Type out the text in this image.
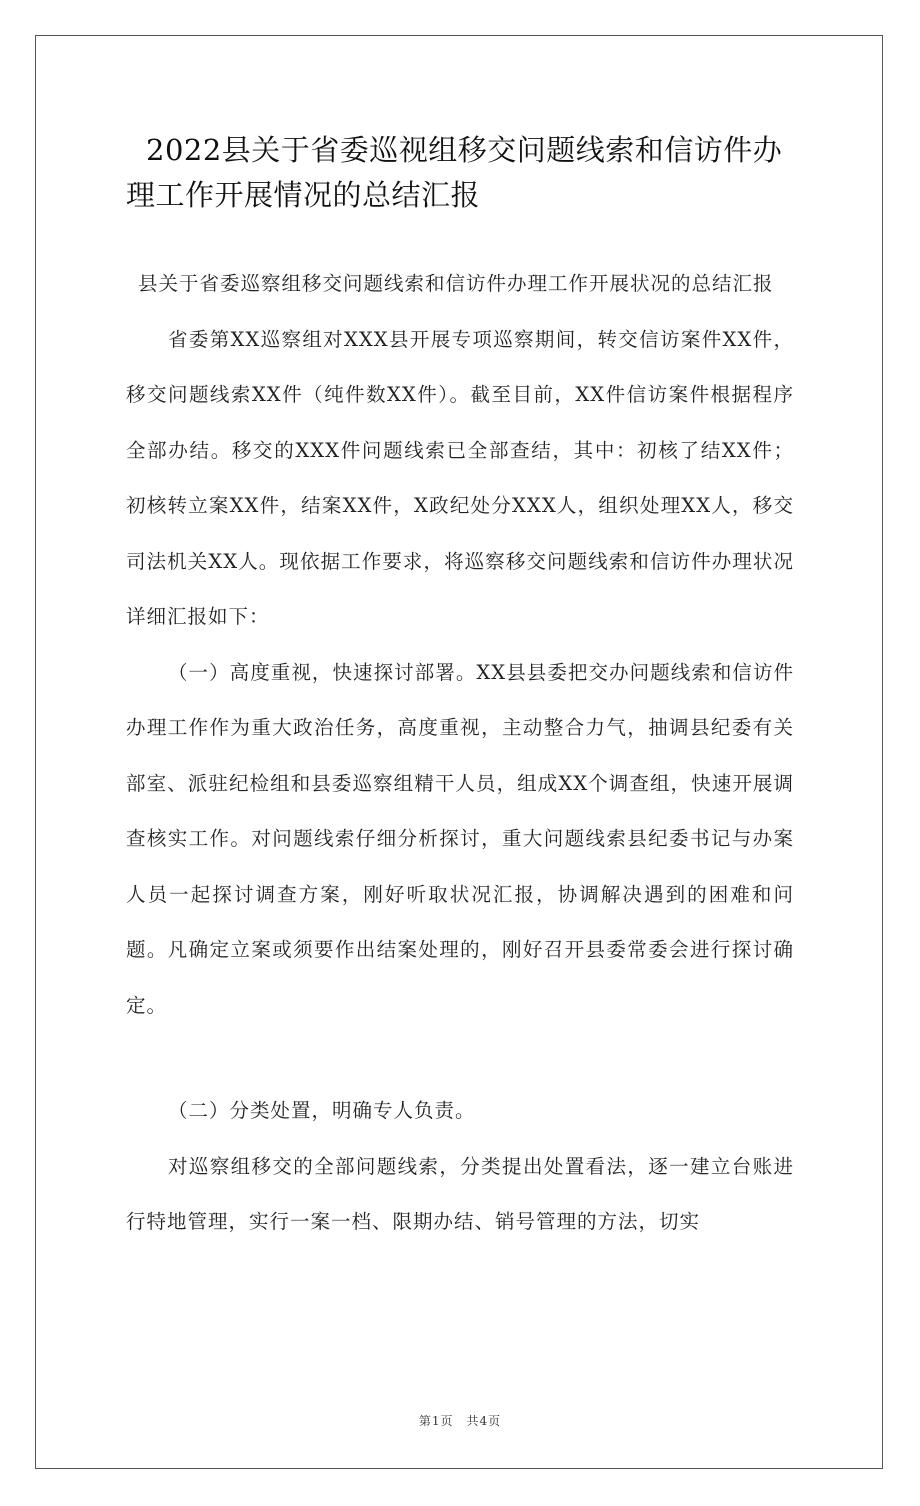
2022县关于省委巡视组移交问题线索和信访件办理工作开展情况的总结汇报

县关于省委巡察组移交问题线索和信访件办理工作开展状况的总结汇报

省委第XX巡察组对XXX县开展专项巡察期间，转交信访案件XX件，移交问题线索XX件（纯件数XX件）。截至目前，XX件信访案件根据程序全部办结。移交的XXX件问题线索已全部查结，其中：初核了结XX件；初核转立案XX件，结案XX件，X政纪处分XXX人，组织处理XX人，移交司法机关XX人。现依据工作要求，将巡察移交问题线索和信访件办理状况详细汇报如下：

（一）高度重视，快速探讨部署。XX县县委把交办问题线索和信访件办理工作作为重大政治任务，高度重视，主动整合力气，抽调县纪委有关部室、派驻纪检组和县委巡察组精干人员，组成XX个调查组，快速开展调查核实工作。对问题线索仔细分析探讨，重大问题线索县纪委书记与办案人员一起探讨调查方案，刚好听取状况汇报，协调解决遇到的困难和问题。凡确定立案或须要作出结案处理的，刚好召开县委常委会进行探讨确定。

（二）分类处置，明确专人负责。

对巡察组移交的全部问题线索，分类提出处置看法，逐一建立台账进行特地管理，实行一案一档、限期办结、销号管理的方法，切实

第1页　共4页
